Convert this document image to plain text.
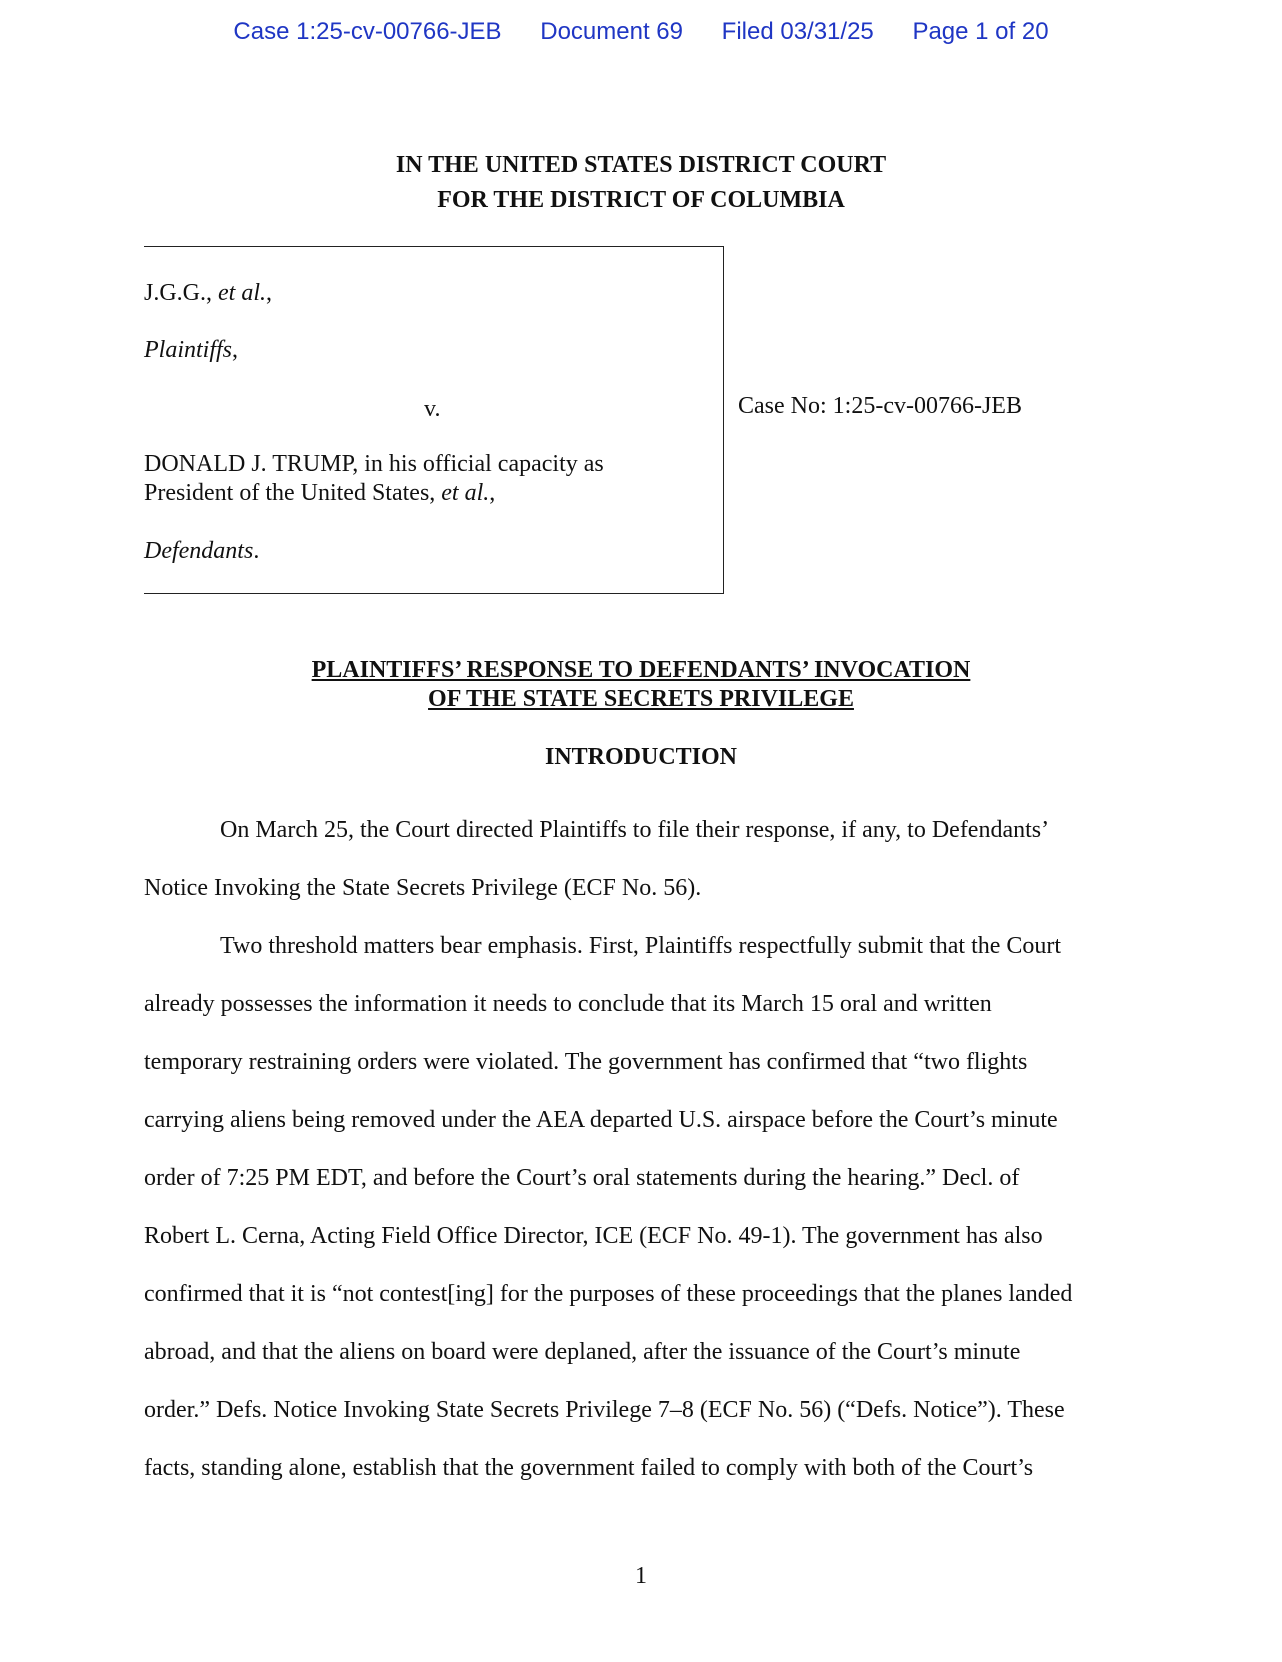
Case 1:25-cv-00766-JEB Document 69 Filed 03/31/25 Page 1 of 20
IN THE UNITED STATES DISTRICT COURT
FOR THE DISTRICT OF COLUMBIA
J.G.G., et al.,
Plaintiffs,
v.
DONALD J. TRUMP, in his official capacity as
President of the United States, et al.,
Defendants.
Case No: 1:25-cv-00766-JEB
PLAINTIFFS’ RESPONSE TO DEFENDANTS’ INVOCATION
OF THE STATE SECRETS PRIVILEGE
INTRODUCTION

On March 25, the Court directed Plaintiffs to file their response, if any, to Defendants’
Notice Invoking the State Secrets Privilege (ECF No. 56).

Two threshold matters bear emphasis. First, Plaintiffs respectfully submit that the Court
already possesses the information it needs to conclude that its March 15 oral and written
temporary restraining orders were violated. The government has confirmed that “two flights
carrying aliens being removed under the AEA departed U.S. airspace before the Court’s minute
order of 7:25 PM EDT, and before the Court’s oral statements during the hearing.” Decl. of
Robert L. Cerna, Acting Field Office Director, ICE (ECF No. 49-1). The government has also
confirmed that it is “not contest[ing] for the purposes of these proceedings that the planes landed
abroad, and that the aliens on board were deplaned, after the issuance of the Court’s minute
order.” Defs. Notice Invoking State Secrets Privilege 7–8 (ECF No. 56) (“Defs. Notice”). These
facts, standing alone, establish that the government failed to comply with both of the Court’s

1
